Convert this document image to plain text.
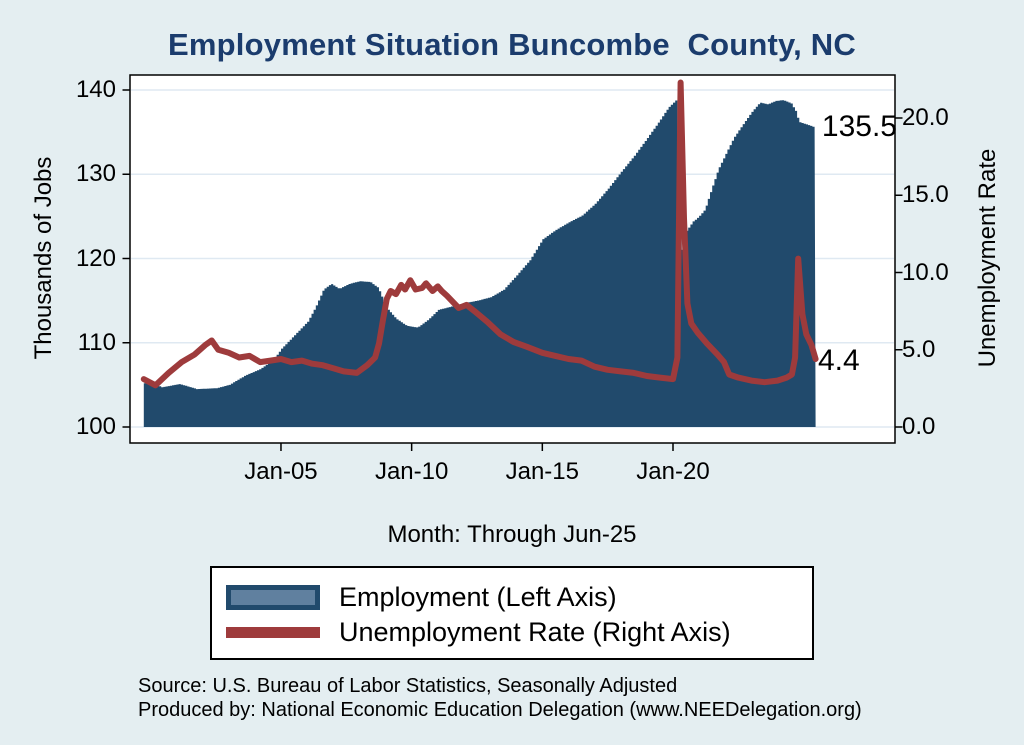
Employment Situation Buncombe  County, NC
Thousands of Jobs	Unemployment Rate
Month: Through Jun-25
100
110
120
130
140
0.0
5.0
10.0
15.0
20.0
Jan-05	Jan-10	Jan-15	Jan-20
135.5
4.4
Employment (Left Axis)
Unemployment Rate (Right Axis)
Source: U.S. Bureau of Labor Statistics, Seasonally Adjusted
Produced by: National Economic Education Delegation (www.NEEDelegation.org)
